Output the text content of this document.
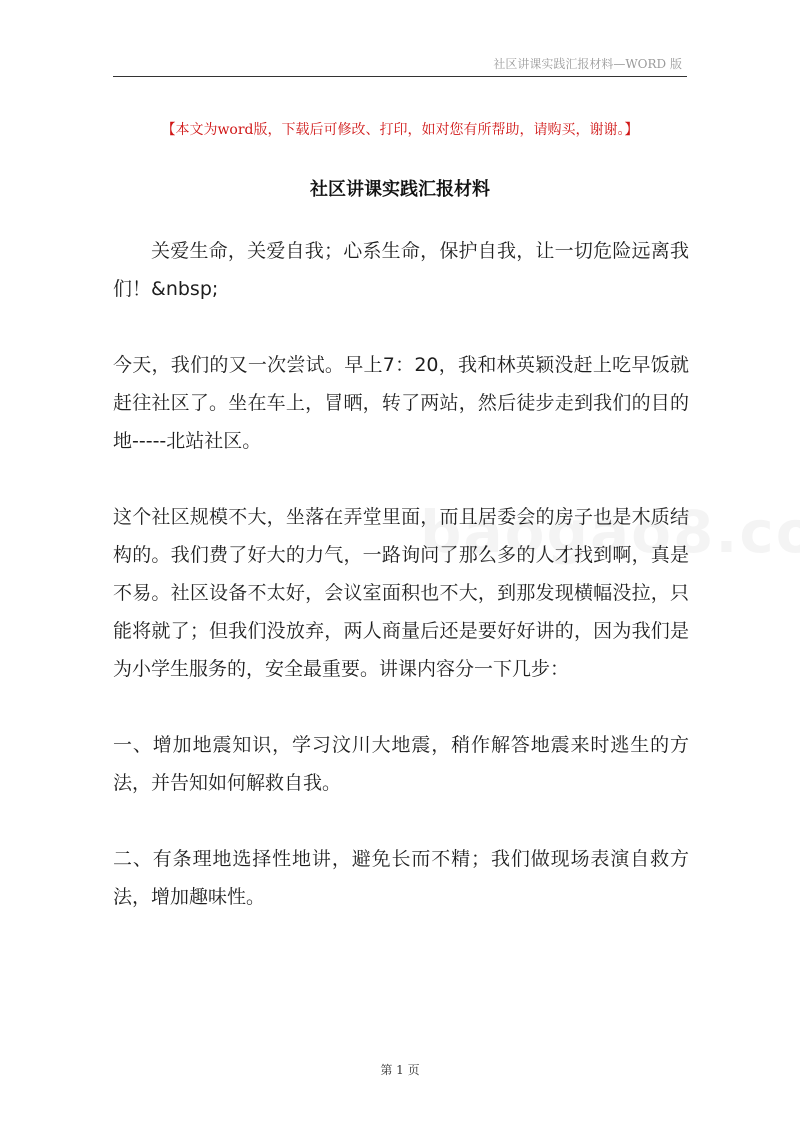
社区讲课实践汇报材料—WORD 版
【本文为word版，下载后可修改、打印，如对您有所帮助，请购买，谢谢。】
社区讲课实践汇报材料

关爱生命，关爱自我；心系生命，保护自我，让一切危险远离我们！&nbsp;

今天，我们的又一次尝试。早上7：20，我和林英颖没赶上吃早饭就赶往社区了。坐在车上，冒晒，转了两站，然后徒步走到我们的目的地-----北站社区。

这个社区规模不大，坐落在弄堂里面，而且居委会的房子也是木质结构的。我们费了好大的力气，一路询问了那么多的人才找到啊，真是不易。社区设备不太好，会议室面积也不大，到那发现横幅没拉，只能将就了；但我们没放弃，两人商量后还是要好好讲的，因为我们是为小学生服务的，安全最重要。讲课内容分一下几步：

一、增加地震知识，学习汶川大地震，稍作解答地震来时逃生的方法，并告知如何解救自我。

二、有条理地选择性地讲，避免长而不精；我们做现场表演自救方法，增加趣味性。

第 1 页
